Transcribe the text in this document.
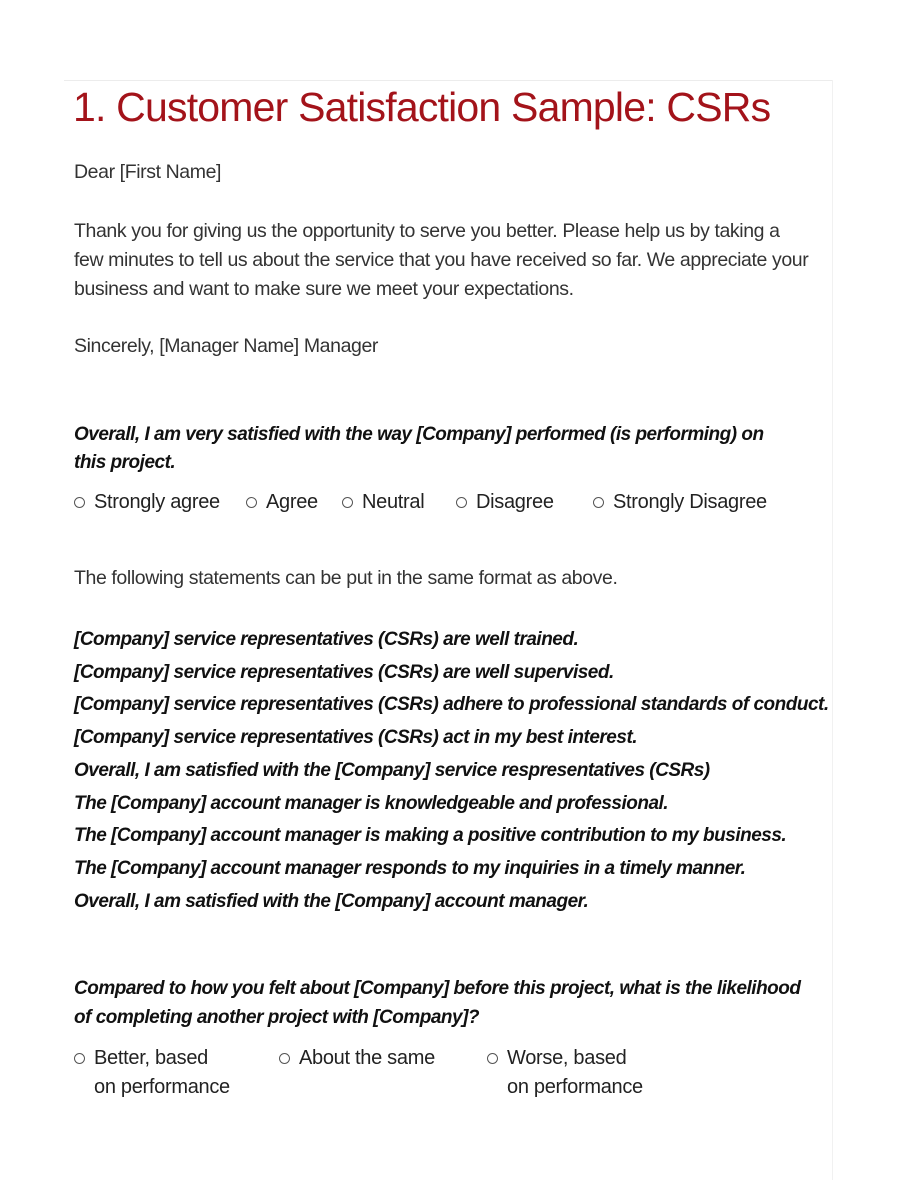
1. Customer Satisfaction Sample: CSRs

Dear [First Name]

Thank you for giving us the opportunity to serve you better. Please help us by taking a

few minutes to tell us about the service that you have received so far. We appreciate your

business and want to make sure we meet your expectations.

Sincerely, [Manager Name] Manager

Overall, I am very satisfied with the way [Company] performed (is performing) on

this project.

Strongly agree Agree Neutral	Disagree	Strongly Disagree

The following statements can be put in the same format as above.

[Company] service representatives (CSRs) are well trained.
[Company] service representatives (CSRs) are well supervised.
[Company] service representatives (CSRs) adhere to professional standards of conduct.
[Company] service representatives (CSRs) act in my best interest.
Overall, I am satisfied with the [Company] service respresentatives (CSRs)
The [Company] account manager is knowledgeable and professional.
The [Company] account manager is making a positive contribution to my business.
The [Company] account manager responds to my inquiries in a timely manner.
Overall, I am satisfied with the [Company] account manager.

Compared to how you felt about [Company] before this project, what is the likelihood

of completing another project with [Company]?

Better, based
on performance
About the same	Worse, based
on performance
